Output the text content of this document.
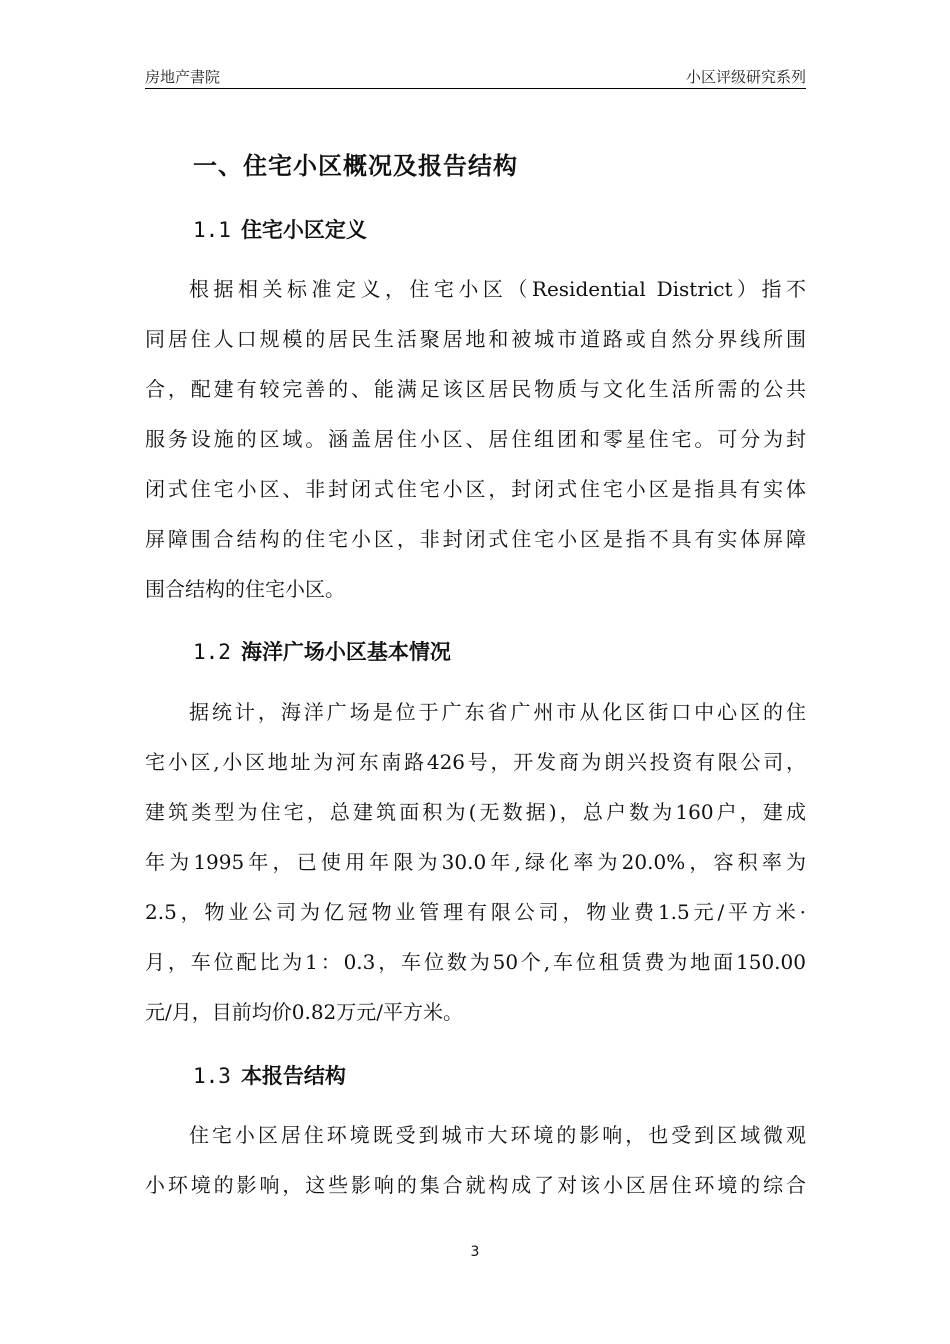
房地产書院	小区评级研究系列
一、住宅小区概况及报告结构
1.1 住宅小区定义
根据相关标准定义，住宅小区（Residential District）指不
同居住人口规模的居民生活聚居地和被城市道路或自然分界线所围
合，配建有较完善的、能满足该区居民物质与文化生活所需的公共
服务设施的区域。涵盖居住小区、居住组团和零星住宅。可分为封
闭式住宅小区、非封闭式住宅小区，封闭式住宅小区是指具有实体
屏障围合结构的住宅小区，非封闭式住宅小区是指不具有实体屏障
围合结构的住宅小区。
1.2 海洋广场小区基本情况
据统计，海洋广场是位于广东省广州市从化区街口中心区的住
宅小区,小区地址为河东南路426号，开发商为朗兴投资有限公司，
建筑类型为住宅，总建筑面积为(无数据)，总户数为160户，建成
年为1995年，已使用年限为30.0年,绿化率为20.0%，容积率为
2.5，物业公司为亿冠物业管理有限公司，物业费1.5元/平方米·
月，车位配比为1：0.3，车位数为50个,车位租赁费为地面150.00
元/月，目前均价0.82万元/平方米。
1.3 本报告结构
住宅小区居住环境既受到城市大环境的影响，也受到区域微观
小环境的影响，这些影响的集合就构成了对该小区居住环境的综合
3
